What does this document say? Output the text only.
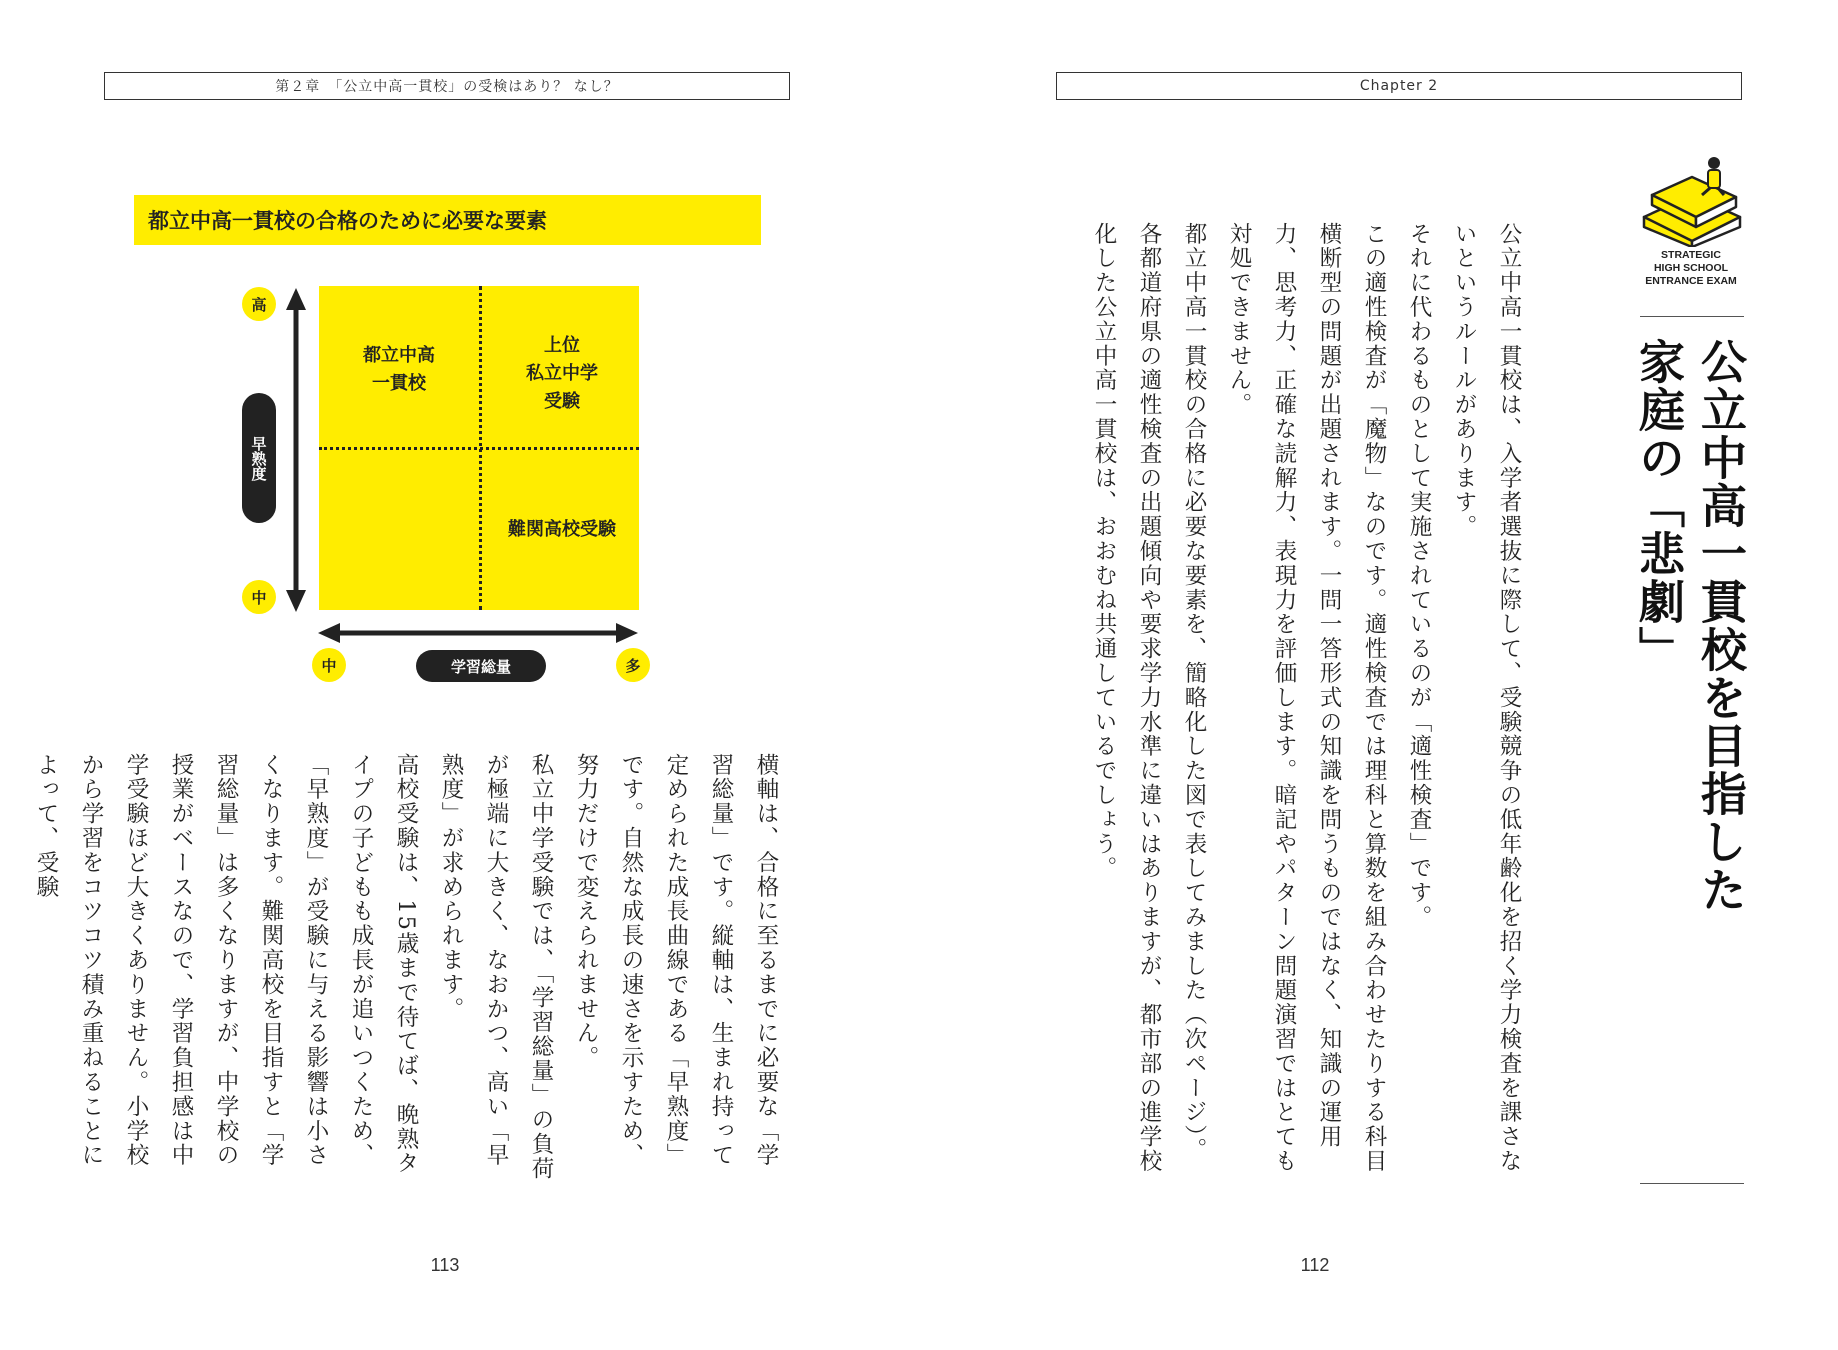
第２章　「公立中高一貫校」の受検はあり？ なし？
都立中高一貫校の合格のために必要な要素
都立中高
一貫校
上位
私立中学
受験
難関高校受験
高
早熟度
中
中	学習総量	多

横軸は、合格に至るまでに必要な「学習総量」です。縦軸は、生まれ持って定められた成長曲線である「早熟度」です。自然な成長の速さを示すため、努力だけで変えられません。

私立中学受験では、「学習総量」の負荷が極端に大きく、なおかつ、高い「早熟度」が求められます。

高校受験は、15歳まで待てば、晩熟タイプの子どもも成長が追いつくため、「早熟度」が受験に与える影響は小さくなります。難関高校を目指すと「学習総量」は多くなりますが、中学校の授業がベースなので、学習負担感は中学受験ほど大きくありません。小学校から学習をコツコツ積み重ねることによって、受験

113
Chapter 2
112

公立中高一貫校は、入学者選抜に際して、受験競争の低年齢化を招く学力検査を課さないというルールがあります。

それに代わるものとして実施されているのが「適性検査」です。

この適性検査が「魔物」なのです。適性検査では理科と算数を組み合わせたりする科目横断型の問題が出題されます。一問一答形式の知識を問うものではなく、知識の運用力、思考力、正確な読解力、表現力を評価します。暗記やパターン問題演習ではとても対処できません。

都立中高一貫校の合格に必要な要素を、簡略化した図で表してみました（次ページ）。各都道府県の適性検査の出題傾向や要求学力水準に違いはありますが、都市部の進学校化した公立中高一貫校は、おおむね共通しているでしょう。	STRATEGIC
HIGH SCHOOL
ENTRANCE EXAM
公立中高一貫校を目指した
家庭の「悲劇」
